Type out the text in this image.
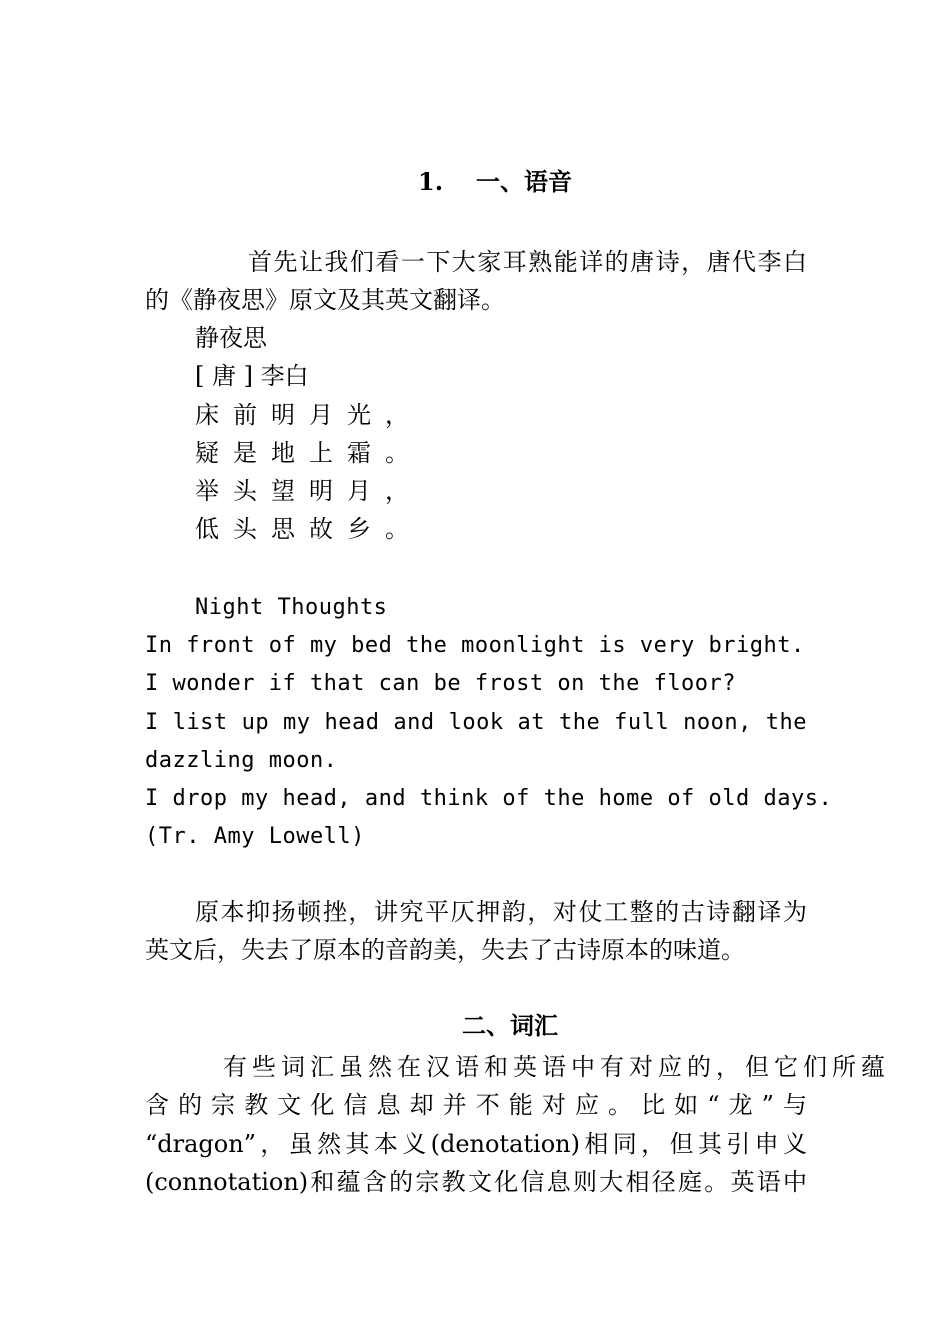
1. 一、语音
首先让我们看一下大家耳熟能详的唐诗，唐代李白
的《静夜思》原文及其英文翻译。
静夜思
[ 唐 ] 李白
床前明月光，
疑是地上霜。
举头望明月，
低头思故乡。
Night Thoughts
In front of my bed the moonlight is very bright.
I wonder if that can be frost on the floor?
I list up my head and look at the full noon, the
dazzling moon.
I drop my head, and think of the home of old days.
(Tr. Amy Lowell)
原本抑扬顿挫，讲究平仄押韵，对仗工整的古诗翻译为
英文后，失去了原本的音韵美，失去了古诗原本的味道。
二、词汇
有些词汇虽然在汉语和英语中有对应的，但它们所蕴
含的宗教文化信息却并不能对应。比如“龙”与
“dragon”，虽然其本义(denotation)相同，但其引申义
(connotation)和蕴含的宗教文化信息则大相径庭。英语中
